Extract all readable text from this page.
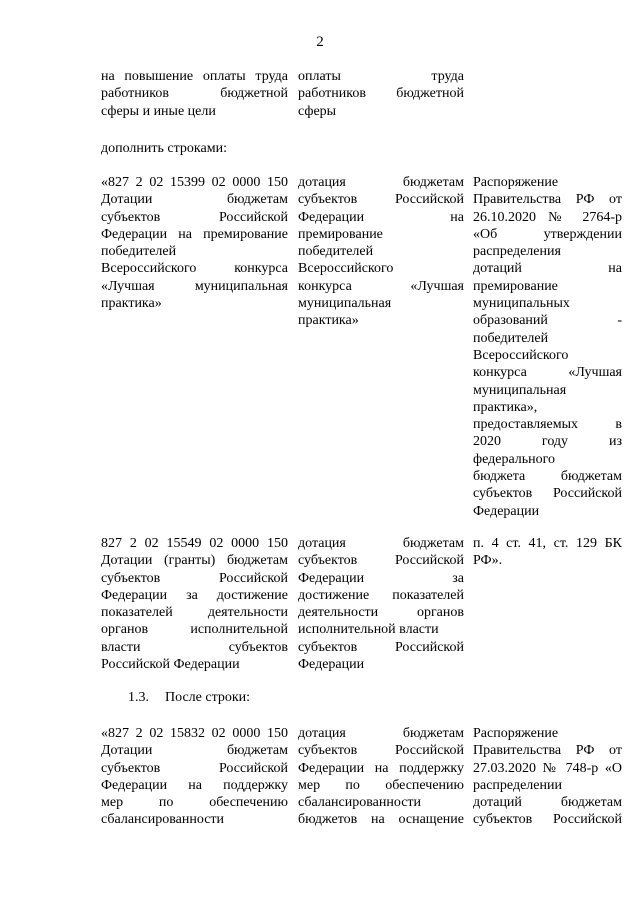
2
на повышение оплаты труда
работников бюджетной
сферы и иные цели
оплаты труда
работников бюджетной
сферы
дополнить строками:
«827 2 02 15399 02 0000 150
Дотации бюджетам
субъектов Российской
Федерации на премирование
победителей
Всероссийского конкурса
«Лучшая муниципальная
практика»
дотация бюджетам
субъектов Российской
Федерации на
премирование
победителей
Всероссийского
конкурса «Лучшая
муниципальная
практика»
Распоряжение
Правительства РФ от
26.10.2020 № 2764-р
«Об утверждении
распределения
дотаций на
премирование
муниципальных
образований -
победителей
Всероссийского
конкурса «Лучшая
муниципальная
практика»,
предоставляемых в
2020 году из
федерального
бюджета бюджетам
субъектов Российской
Федерации
827 2 02 15549 02 0000 150
Дотации (гранты) бюджетам
субъектов Российской
Федерации за достижение
показателей деятельности
органов исполнительной
власти субъектов
Российской Федерации
дотация бюджетам
субъектов Российской
Федерации за
достижение показателей
деятельности органов
исполнительной власти
субъектов Российской
Федерации
п. 4 ст. 41, ст. 129 БК
РФ».
1.3. После строки:
«827 2 02 15832 02 0000 150
Дотации бюджетам
субъектов Российской
Федерации на поддержку
мер по обеспечению
сбалансированности
дотация бюджетам
субъектов Российской
Федерации на поддержку
мер по обеспечению
сбалансированности
бюджетов на оснащение
Распоряжение
Правительства РФ от
27.03.2020 № 748-р «О
распределении
дотаций бюджетам
субъектов Российской
